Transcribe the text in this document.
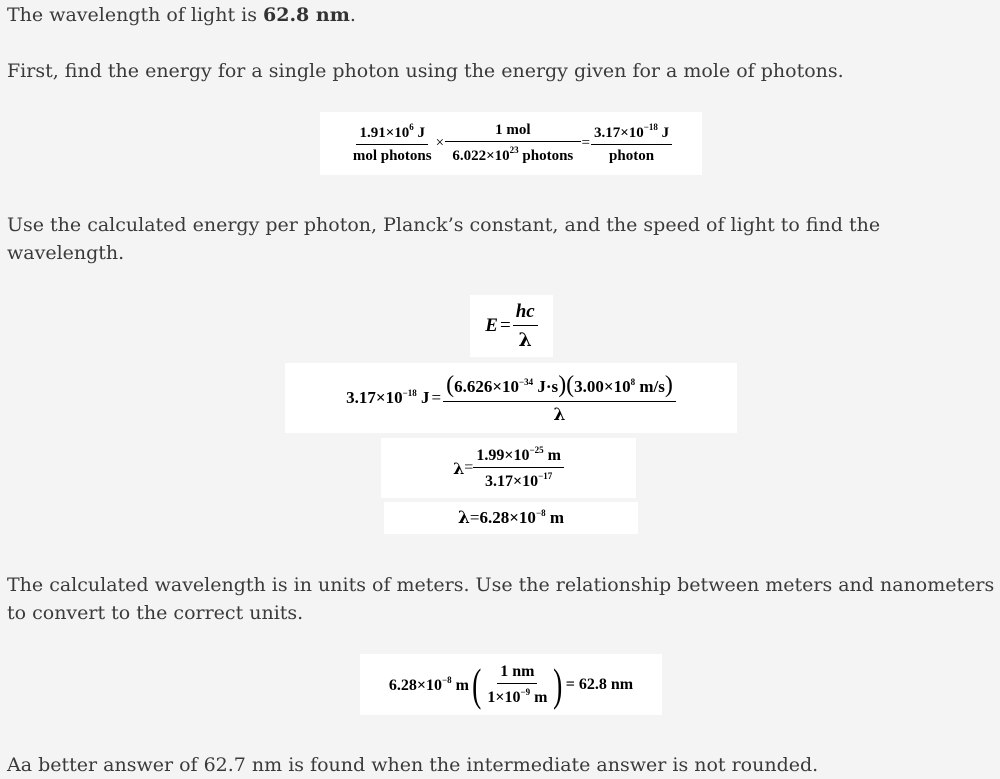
The wavelength of light is 62.8 nm.

First, find the energy for a single photon using the energy given for a mole of photons.

$\frac{1.91\times 10^6 J}{\text{mol photons}} \times \frac{\text{1 mol}}{6.022\times 10^{23} photons} = \frac{3.17\times 10^{-18} J}{\text{photon}}$

Use the calculated energy per photon, Planck’s constant, and the speed of light to find the wavelength.

$E = \frac{hc}{\lambda}$
$3.17\times 10^{-18}$ $J = \frac{(6.626\times 10^{-34} J\cdot s)(3.00\times 10^8 m/s)}{\lambda}$
$\lambda = \frac{1.99\times 10^{-25} m}{3.17\times 10^{-17}}$
$\lambda = 6.28\times 10^{-8}$ m

The calculated wavelength is in units of meters. Use the relationship between meters and nanometers to convert to the correct units.

$6.28\times 10^{-8}$ m ( $\frac{1 nm}{1\times 10^{-9} m}$ ) = 62.8 nm

Aa better answer of 62.7 nm is found when the intermediate answer is not rounded.
